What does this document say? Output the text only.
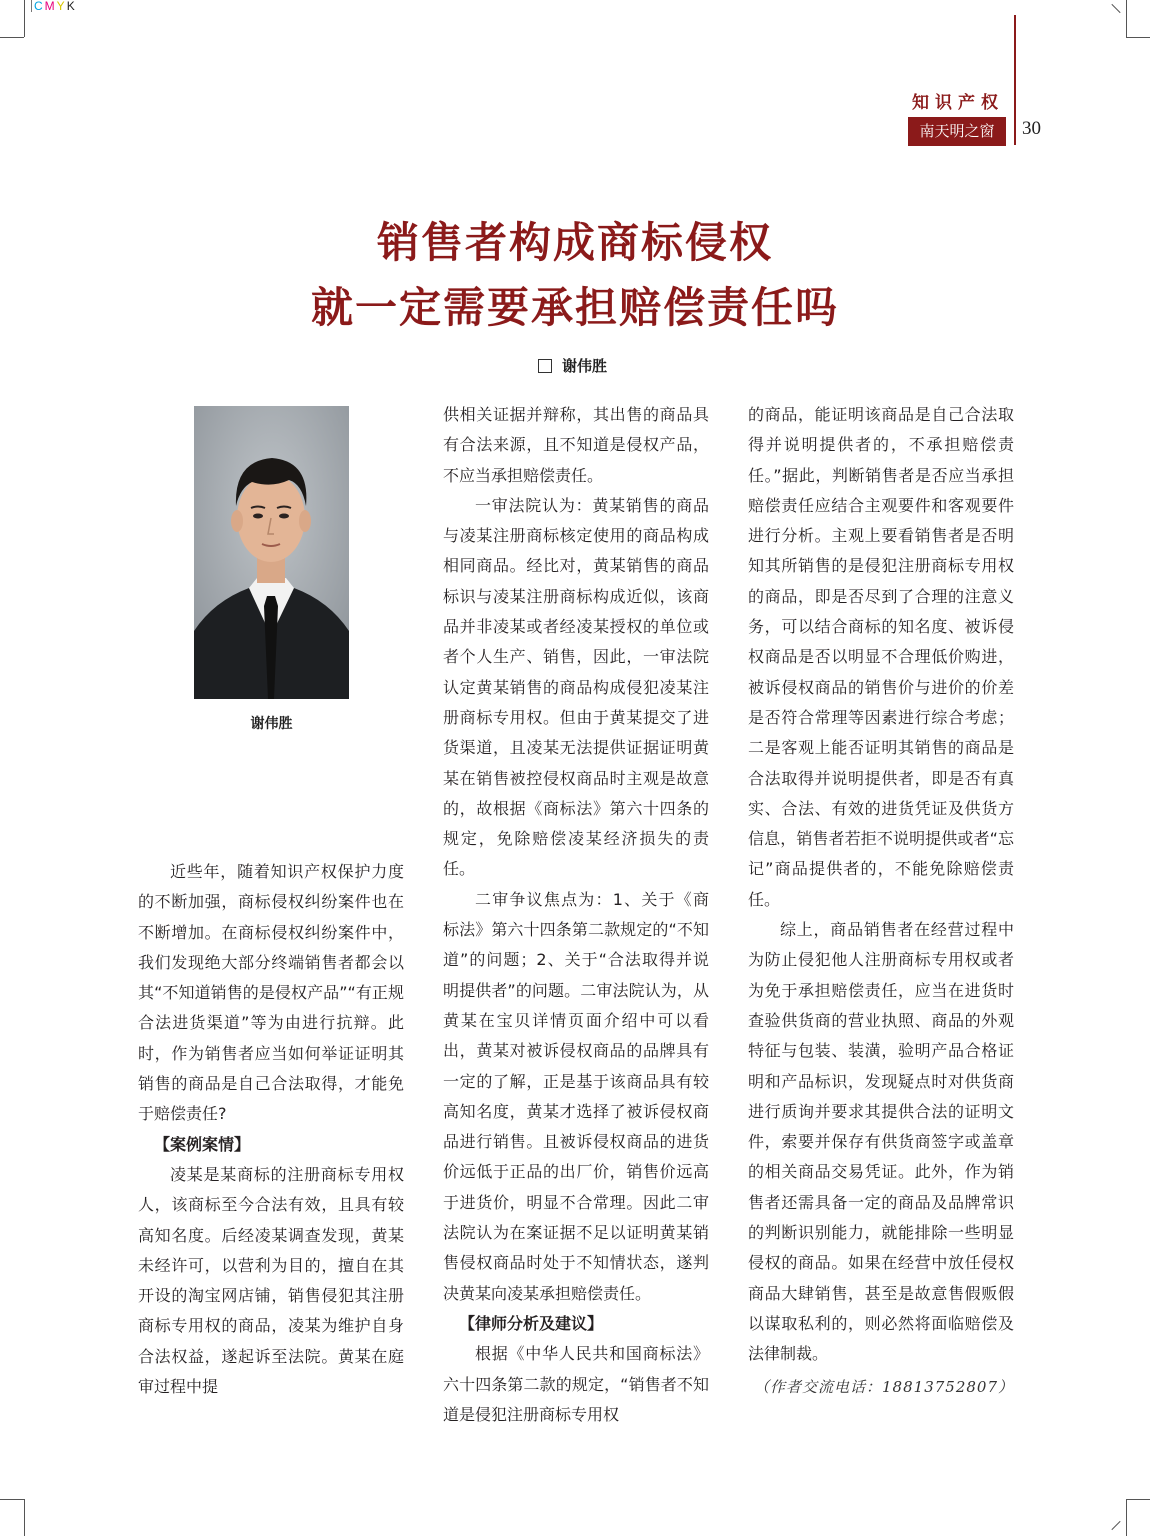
CMYK
知识产权
南天明之窗	30
销售者构成商标侵权
就一定需要承担赔偿责任吗
谢伟胜
谢伟胜

近些年，随着知识产权保护力度的不断加强，商标侵权纠纷案件也在不断增加。在商标侵权纠纷案件中，我们发现绝大部分终端销售者都会以其“不知道销售的是侵权产品”“有正规合法进货渠道”等为由进行抗辩。此时，作为销售者应当如何举证证明其销售的商品是自己合法取得，才能免于赔偿责任?

【案例案情】

凌某是某商标的注册商标专用权人，该商标至今合法有效，且具有较高知名度。后经凌某调查发现，黄某未经许可，以营利为目的，擅自在其开设的淘宝网店铺，销售侵犯其注册商标专用权的商品，凌某为维护自身合法权益，遂起诉至法院。黄某在庭审过程中提

供相关证据并辩称，其出售的商品具有合法来源，且不知道是侵权产品，不应当承担赔偿责任。

一审法院认为：黄某销售的商品与凌某注册商标核定使用的商品构成相同商品。经比对，黄某销售的商品标识与凌某注册商标构成近似，该商品并非凌某或者经凌某授权的单位或者个人生产、销售，因此，一审法院认定黄某销售的商品构成侵犯凌某注册商标专用权。但由于黄某提交了进货渠道，且凌某无法提供证据证明黄某在销售被控侵权商品时主观是故意的，故根据《商标法》第六十四条的规定，免除赔偿凌某经济损失的责任。

二审争议焦点为：1、关于《商标法》第六十四条第二款规定的“不知道”的问题；2、关于“合法取得并说明提供者”的问题。二审法院认为，从黄某在宝贝详情页面介绍中可以看出，黄某对被诉侵权商品的品牌具有一定的了解，正是基于该商品具有较高知名度，黄某才选择了被诉侵权商品进行销售。且被诉侵权商品的进货价远低于正品的出厂价，销售价远高于进货价，明显不合常理。因此二审法院认为在案证据不足以证明黄某销售侵权商品时处于不知情状态，遂判决黄某向凌某承担赔偿责任。

【律师分析及建议】

根据《中华人民共和国商标法》六十四条第二款的规定，“销售者不知道是侵犯注册商标专用权

的商品，能证明该商品是自己合法取得并说明提供者的，不承担赔偿责任。”据此，判断销售者是否应当承担赔偿责任应结合主观要件和客观要件进行分析。主观上要看销售者是否明知其所销售的是侵犯注册商标专用权的商品，即是否尽到了合理的注意义务，可以结合商标的知名度、被诉侵权商品是否以明显不合理低价购进，被诉侵权商品的销售价与进价的价差是否符合常理等因素进行综合考虑；二是客观上能否证明其销售的商品是合法取得并说明提供者，即是否有真实、合法、有效的进货凭证及供货方信息，销售者若拒不说明提供或者“忘记”商品提供者的，不能免除赔偿责任。

综上，商品销售者在经营过程中为防止侵犯他人注册商标专用权或者为免于承担赔偿责任，应当在进货时查验供货商的营业执照、商品的外观特征与包装、装潢，验明产品合格证明和产品标识，发现疑点时对供货商进行质询并要求其提供合法的证明文件，索要并保存有供货商签字或盖章的相关商品交易凭证。此外，作为销售者还需具备一定的商品及品牌常识的判断识别能力，就能排除一些明显侵权的商品。如果在经营中放任侵权商品大肆销售，甚至是故意售假贩假以谋取私利的，则必然将面临赔偿及法律制裁。

（作者交流电话：18813752807）
